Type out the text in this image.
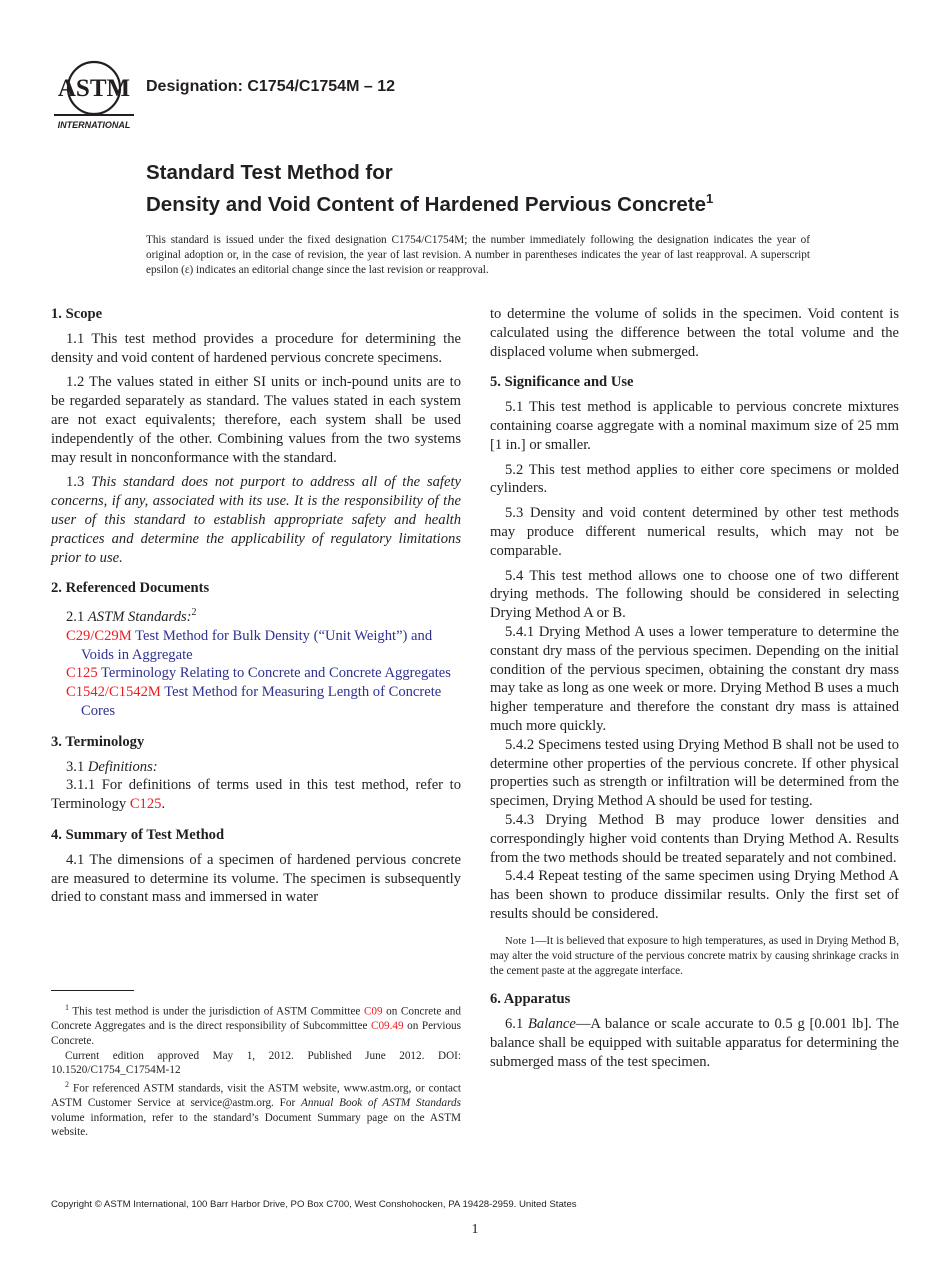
ASTM
INTERNATIONAL
Designation: C1754/C1754M – 12
Standard Test Method for
Density and Void Content of Hardened Pervious Concrete$^1$
This standard is issued under the fixed designation C1754/C1754M; the number immediately following the designation indicates the year of original adoption or, in the case of revision, the year of last revision. A number in parentheses indicates the year of last reapproval. A superscript epsilon (ε) indicates an editorial change since the last revision or reapproval.
1. Scope

1.1 This test method provides a procedure for determining the density and void content of hardened pervious concrete specimens.

1.2 The values stated in either SI units or inch-pound units are to be regarded separately as standard. The values stated in each system are not exact equivalents; therefore, each system shall be used independently of the other. Combining values from the two systems may result in nonconformance with the standard.

1.3 This standard does not purport to address all of the safety concerns, if any, associated with its use. It is the responsibility of the user of this standard to establish appropriate safety and health practices and determine the applicability of regulatory limitations prior to use.

2. Referenced Documents

2.1 ASTM Standards:$^2$

C29/C29M Test Method for Bulk Density (“Unit Weight”) and Voids in Aggregate

C125 Terminology Relating to Concrete and Concrete Aggregates

C1542/C1542M Test Method for Measuring Length of Concrete Cores

3. Terminology

3.1 Definitions:

3.1.1 For definitions of terms used in this test method, refer to Terminology C125.

4. Summary of Test Method

4.1 The dimensions of a specimen of hardened pervious concrete are measured to determine its volume. The specimen is subsequently dried to constant mass and immersed in water

$^1$ This test method is under the jurisdiction of ASTM Committee C09 on Concrete and Concrete Aggregates and is the direct responsibility of Subcommittee C09.49 on Pervious Concrete.

Current edition approved May 1, 2012. Published June 2012. DOI: 10.1520/C1754_C1754M-12

$^2$ For referenced ASTM standards, visit the ASTM website, www.astm.org, or contact ASTM Customer Service at service@astm.org. For Annual Book of ASTM Standards volume information, refer to the standard’s Document Summary page on the ASTM website.

to determine the volume of solids in the specimen. Void content is calculated using the difference between the total volume and the displaced volume when submerged.

5. Significance and Use

5.1 This test method is applicable to pervious concrete mixtures containing coarse aggregate with a nominal maximum size of 25 mm [1 in.] or smaller.

5.2 This test method applies to either core specimens or molded cylinders.

5.3 Density and void content determined by other test methods may produce different numerical results, which may not be comparable.

5.4 This test method allows one to choose one of two different drying methods. The following should be considered in selecting Drying Method A or B.

5.4.1 Drying Method A uses a lower temperature to determine the constant dry mass of the pervious specimen. Depending on the initial condition of the pervious specimen, obtaining the constant dry mass may take as long as one week or more. Drying Method B uses a much higher temperature and therefore the constant dry mass is attained much more quickly.

5.4.2 Specimens tested using Drying Method B shall not be used to determine other properties of the pervious concrete. If other physical properties such as strength or infiltration will be determined from the specimen, Drying Method A should be used for testing.

5.4.3 Drying Method B may produce lower densities and correspondingly higher void contents than Drying Method A. Results from the two methods should be treated separately and not combined.

5.4.4 Repeat testing of the same specimen using Drying Method A has been shown to produce dissimilar results. Only the first set of results should be considered.

Note 1—It is believed that exposure to high temperatures, as used in Drying Method B, may alter the void structure of the pervious concrete matrix by causing shrinkage cracks in the cement paste at the aggregate interface.

6. Apparatus

6.1 Balance—A balance or scale accurate to 0.5 g [0.001 lb]. The balance shall be equipped with suitable apparatus for determining the submerged mass of the test specimen.

Copyright © ASTM International, 100 Barr Harbor Drive, PO Box C700, West Conshohocken, PA 19428-2959. United States
1
